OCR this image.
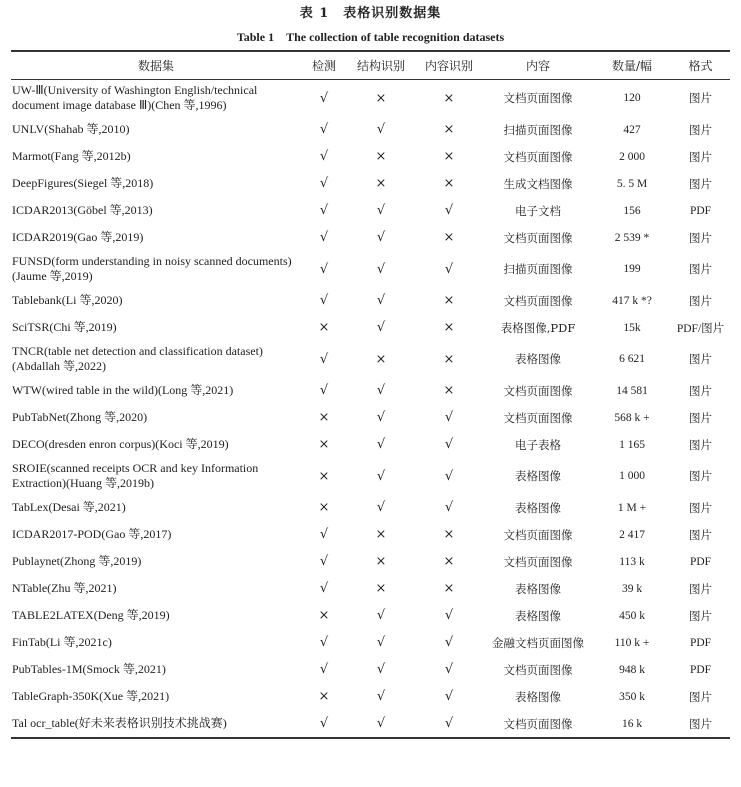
表 1　表格识别数据集
Table 1　The collection of table recognition datasets
数据集	检测	结构识别	内容识别	内容	数量/幅	格式
UW-Ⅲ(University of Washington English/technical document image database Ⅲ)(Chen 等,1996)	√	×	×	文档页面图像	120	图片
UNLV(Shahab 等,2010)	√	√	×	扫描页面图像	427	图片
Marmot(Fang 等,2012b)	√	×	×	文档页面图像	2 000	图片
DeepFigures(Siegel 等,2018)	√	×	×	生成文档图像	5. 5 M	图片
ICDAR2013(Göbel 等,2013)	√	√	√	电子文档	156	PDF
ICDAR2019(Gao 等,2019)	√	√	×	文档页面图像	2 539 *	图片
FUNSD(form understanding in noisy scanned documents)(Jaume 等,2019)	√	√	√	扫描页面图像	199	图片
Tablebank(Li 等,2020)	√	√	×	文档页面图像	417 k *?	图片
SciTSR(Chi 等,2019)	×	√	×	表格图像,PDF	15k	PDF/图片
TNCR(table net detection and classification dataset)(Abdallah 等,2022)	√	×	×	表格图像	6 621	图片
WTW(wired table in the wild)(Long 等,2021)	√	√	×	文档页面图像	14 581	图片
PubTabNet(Zhong 等,2020)	×	√	√	文档页面图像	568 k +	图片
DECO(dresden enron corpus)(Koci 等,2019)	×	√	√	电子表格	1 165	图片
SROIE(scanned receipts OCR and key Information Extraction)(Huang 等,2019b)	×	√	√	表格图像	1 000	图片
TabLex(Desai 等,2021)	×	√	√	表格图像	1 M +	图片
ICDAR2017-POD(Gao 等,2017)	√	×	×	文档页面图像	2 417	图片
Publaynet(Zhong 等,2019)	√	×	×	文档页面图像	113 k	PDF
NTable(Zhu 等,2021)	√	×	×	表格图像	39 k	图片
TABLE2LATEX(Deng 等,2019)	×	√	√	表格图像	450 k	图片
FinTab(Li 等,2021c)	√	√	√	金融文档页面图像	110 k +	PDF
PubTables-1M(Smock 等,2021)	√	√	√	文档页面图像	948 k	PDF
TableGraph-350K(Xue 等,2021)	×	√	√	表格图像	350 k	图片
Tal ocr_table(好未来表格识别技术挑战赛)	√	√	√	文档页面图像	16 k	图片
